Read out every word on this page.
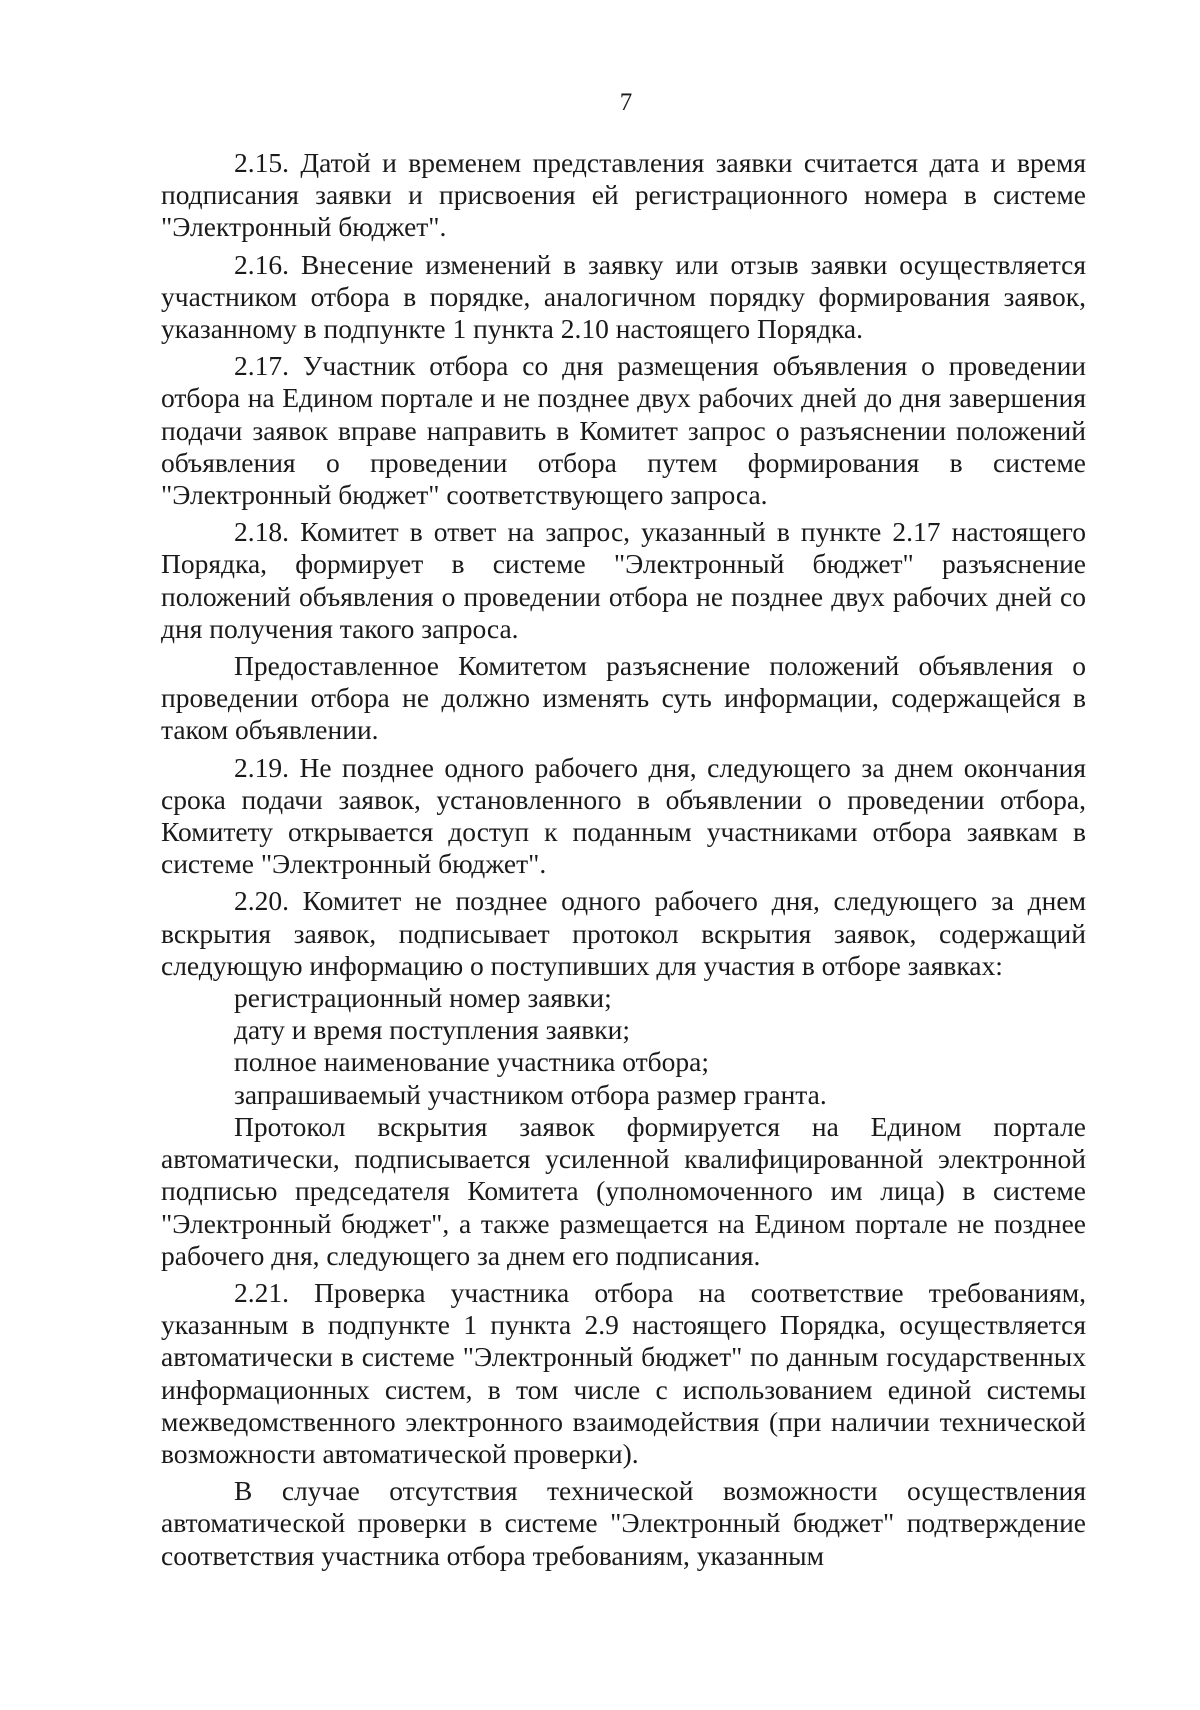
7

2.15. Датой и временем представления заявки считается дата и время подписания заявки и присвоения ей регистрационного номера в системе "Электронный бюджет".

2.16. Внесение изменений в заявку или отзыв заявки осуществляется участником отбора в порядке, аналогичном порядку формирования заявок, указанному в подпункте 1 пункта 2.10 настоящего Порядка.

2.17. Участник отбора со дня размещения объявления о проведении отбора на Едином портале и не позднее двух рабочих дней до дня завершения подачи заявок вправе направить в Комитет запрос о разъяснении положений объявления о проведении отбора путем формирования в системе "Электронный бюджет" соответствующего запроса.

2.18. Комитет в ответ на запрос, указанный в пункте 2.17 настоящего Порядка, формирует в системе "Электронный бюджет" разъяснение положений объявления о проведении отбора не позднее двух рабочих дней со дня получения такого запроса.

Предоставленное Комитетом разъяснение положений объявления о проведении отбора не должно изменять суть информации, содержащейся в таком объявлении.

2.19. Не позднее одного рабочего дня, следующего за днем окончания срока подачи заявок, установленного в объявлении о проведении отбора, Комитету открывается доступ к поданным участниками отбора заявкам в системе "Электронный бюджет".

2.20. Комитет не позднее одного рабочего дня, следующего за днем вскрытия заявок, подписывает протокол вскрытия заявок, содержащий следующую информацию о поступивших для участия в отборе заявках:

регистрационный номер заявки;

дату и время поступления заявки;

полное наименование участника отбора;

запрашиваемый участником отбора размер гранта.

Протокол вскрытия заявок формируется на Едином портале автоматически, подписывается усиленной квалифицированной электронной подписью председателя Комитета (уполномоченного им лица) в системе "Электронный бюджет", а также размещается на Едином портале не позднее рабочего дня, следующего за днем его подписания.

2.21. Проверка участника отбора на соответствие требованиям, указанным в подпункте 1 пункта 2.9 настоящего Порядка, осуществляется автоматически в системе "Электронный бюджет" по данным государственных информационных систем, в том числе с использованием единой системы межведомственного электронного взаимодействия (при наличии технической возможности автоматической проверки).

В случае отсутствия технической возможности осуществления автоматической проверки в системе "Электронный бюджет" подтверждение соответствия участника отбора требованиям, указанным
